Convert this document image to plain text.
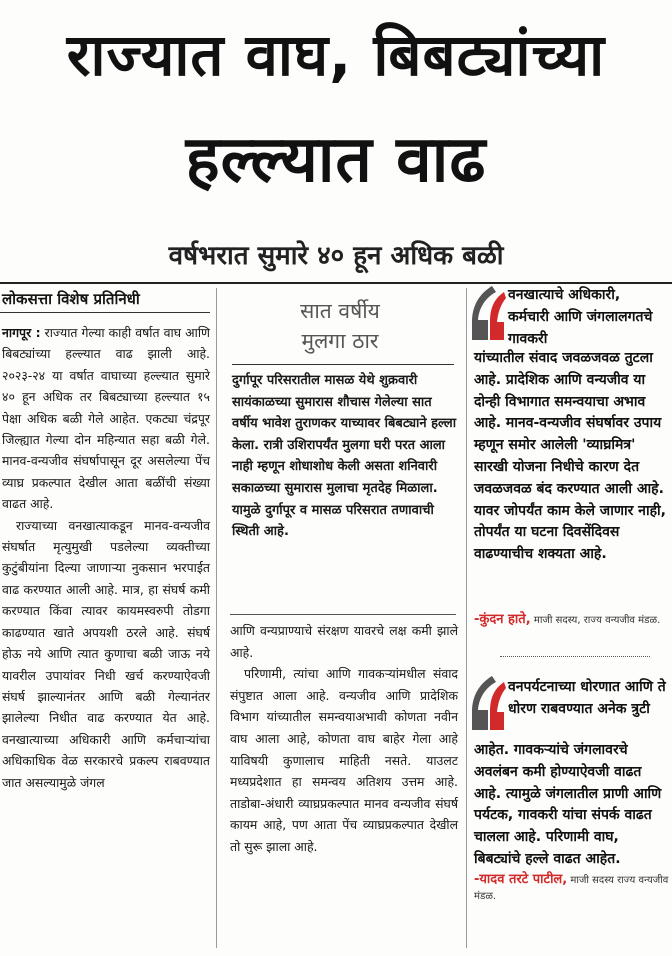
राज्यात वाघ, बिबट्यांच्या
हल्ल्यात वाढ
वर्षभरात सुमारे ४० हून अधिक बळी
लोकसत्ता विशेष प्रतिनिधी

नागपूर : राज्यात गेल्या काही वर्षात वाघ आणि बिबट्यांच्या हल्ल्यात वाढ झाली आहे. २०२३-२४ या वर्षात वाघाच्या हल्ल्यात सुमारे ४० हून अधिक तर बिबट्याच्या हल्ल्यात १५ पेक्षा अधिक बळी गेले आहेत. एकट्या चंद्रपूर जिल्ह्यात गेल्या दोन महिन्यात सहा बळी गेले. मानव-वन्यजीव संघर्षापासून दूर असलेल्या पेंच व्याघ्र प्रकल्पात देखील आता बळींची संख्या वाढत आहे.

राज्याच्या वनखात्याकडून मानव-वन्यजीव संघर्षात मृत्युमुखी पडलेल्या व्यक्तीच्या कुटुंबीयांना दिल्या जाणाऱ्या नुकसान भरपाईत वाढ करण्यात आली आहे. मात्र, हा संघर्ष कमी करण्यात किंवा त्यावर कायमस्वरुपी तोडगा काढण्यात खाते अपयशी ठरले आहे. संघर्ष होऊ नये आणि त्यात कुणाचा बळी जाऊ नये यावरील उपायांवर निधी खर्च करण्याऐवजी संघर्ष झाल्यानंतर आणि बळी गेल्यानंतर झालेल्या निधीत वाढ करण्यात येत आहे. वनखात्याच्या अधिकारी आणि कर्मचाऱ्यांचा अधिकाधिक वेळ सरकारचे प्रकल्प राबवण्यात जात असल्यामुळे जंगल

सात वर्षीय
मुलगा ठार
दुर्गापूर परिसरातील मासळ येथे शुक्रवारी सायंकाळच्या सुमारास शौचास गेलेल्या सात वर्षीय भावेश तुराणकर याच्यावर बिबट्याने हल्ला केला. रात्री उशिरापर्यंत मुलगा घरी परत आला नाही म्हणून शोधाशोध केली असता शनिवारी सकाळच्या सुमारास मुलाचा मृतदेह मिळाला. यामुळे दुर्गापूर व मासळ परिसरात तणावाची स्थिती आहे.

आणि वन्यप्राण्याचे संरक्षण यावरचे लक्ष कमी झाले आहे.

परिणामी, त्यांचा आणि गावकऱ्यांमधील संवाद संपुष्टात आला आहे. वन्यजीव आणि प्रादेशिक विभाग यांच्यातील समन्वयाअभावी कोणता नवीन वाघ आला आहे, कोणता वाघ बाहेर गेला आहे याविषयी कुणालाच माहिती नसते. याउलट मध्यप्रदेशात हा समन्वय अतिशय उत्तम आहे. ताडोबा-अंधारी व्याघ्रप्रकल्पात मानव वन्यजीव संघर्ष कायम आहे, पण आता पेंच व्याघ्रप्रकल्पात देखील तो सुरू झाला आहे.

वनखात्याचे अधिकारी, कर्मचारी आणि जंगलालगतचे गावकरी
यांच्यातील संवाद जवळजवळ तुटला आहे. प्रादेशिक आणि वन्यजीव या दोन्ही विभागात समन्वयाचा अभाव आहे. मानव-वन्यजीव संघर्षावर उपाय म्हणून समोर आलेली 'व्याघ्रमित्र' सारखी योजना निधीचे कारण देत जवळजवळ बंद करण्यात आली आहे. यावर जोपर्यंत काम केले जाणार नाही, तोपर्यंत या घटना दिवसेंदिवस वाढण्याचीच शक्यता आहे.
-कुंदन हाते, माजी सदस्य, राज्य वन्यजीव मंडळ.
वनपर्यटनाच्या धोरणात आणि ते धोरण राबवण्यात अनेक त्रुटी
आहेत. गावकऱ्यांचे जंगलावरचे अवलंबन कमी होण्याऐवजी वाढत आहे. त्यामुळे जंगलातील प्राणी आणि पर्यटक, गावकरी यांचा संपर्क वाढत चालला आहे. परिणामी वाघ, बिबट्यांचे हल्ले वाढत आहेत.
-यादव तरटे पाटील, माजी सदस्य राज्य वन्यजीव मंडळ.
